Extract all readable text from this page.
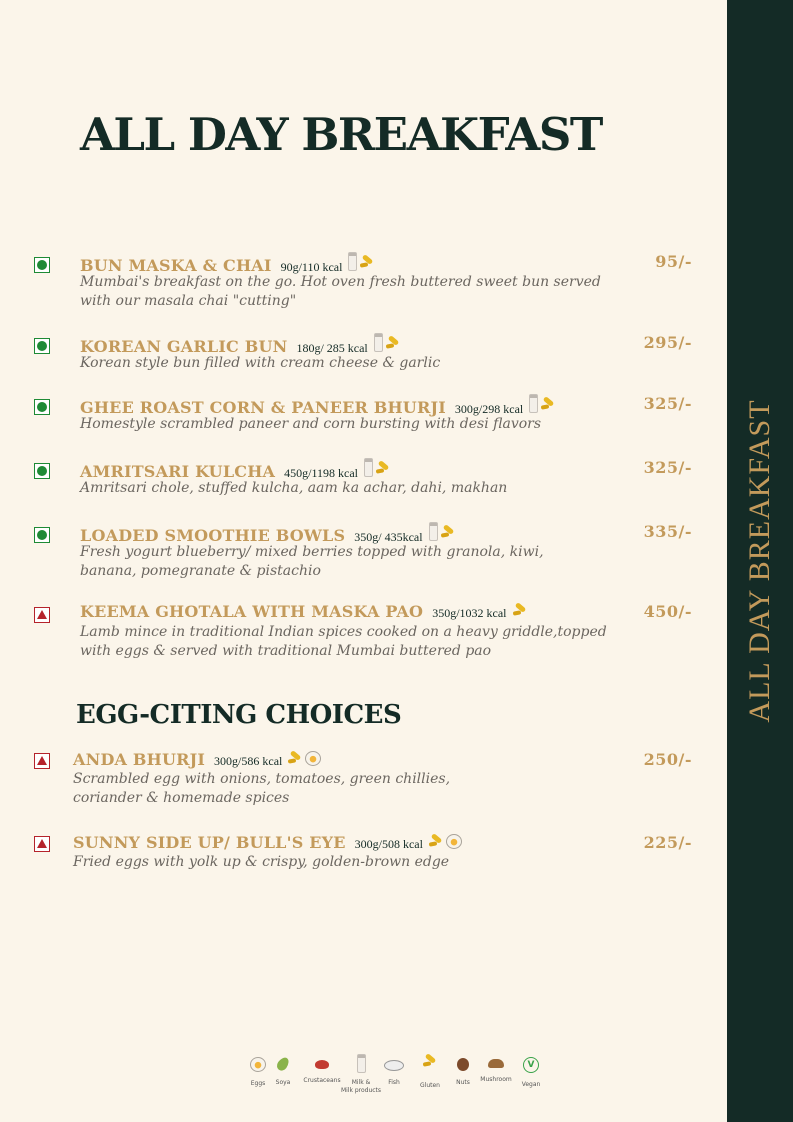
ALL DAY BREAKFAST
ALL DAY BREAKFAST
BUN MASKA & CHAI 90g/110 kcal	95/-
Mumbai's breakfast on the go. Hot oven fresh buttered sweet bun served
with our masala chai "cutting"
KOREAN GARLIC BUN 180g/ 285 kcal	295/-
Korean style bun filled with cream cheese & garlic
GHEE ROAST CORN & PANEER BHURJI 300g/298 kcal	325/-
Homestyle scrambled paneer and corn bursting with desi flavors
AMRITSARI KULCHA 450g/1198 kcal	325/-
Amritsari chole, stuffed kulcha, aam ka achar, dahi, makhan
LOADED SMOOTHIE BOWLS 350g/ 435kcal	335/-
Fresh yogurt blueberry/ mixed berries topped with granola, kiwi,
banana, pomegranate & pistachio
KEEMA GHOTALA WITH MASKA PAO 350g/1032 kcal	450/-
Lamb mince in traditional Indian spices cooked on a heavy griddle,topped
with eggs & served with traditional Mumbai buttered pao
EGG-CITING CHOICES
ANDA BHURJI 300g/586 kcal	250/-
Scrambled egg with onions, tomatoes, green chillies,
coriander & homemade spices
SUNNY SIDE UP/ BULL'S EYE 300g/508 kcal	225/-
Fried eggs with yolk up & crispy, golden-brown edge
Eggs	Soya	Crustaceans	Milk &
Milk products
Fish	Gluten	Nuts	Mushroom
V
Vegan
